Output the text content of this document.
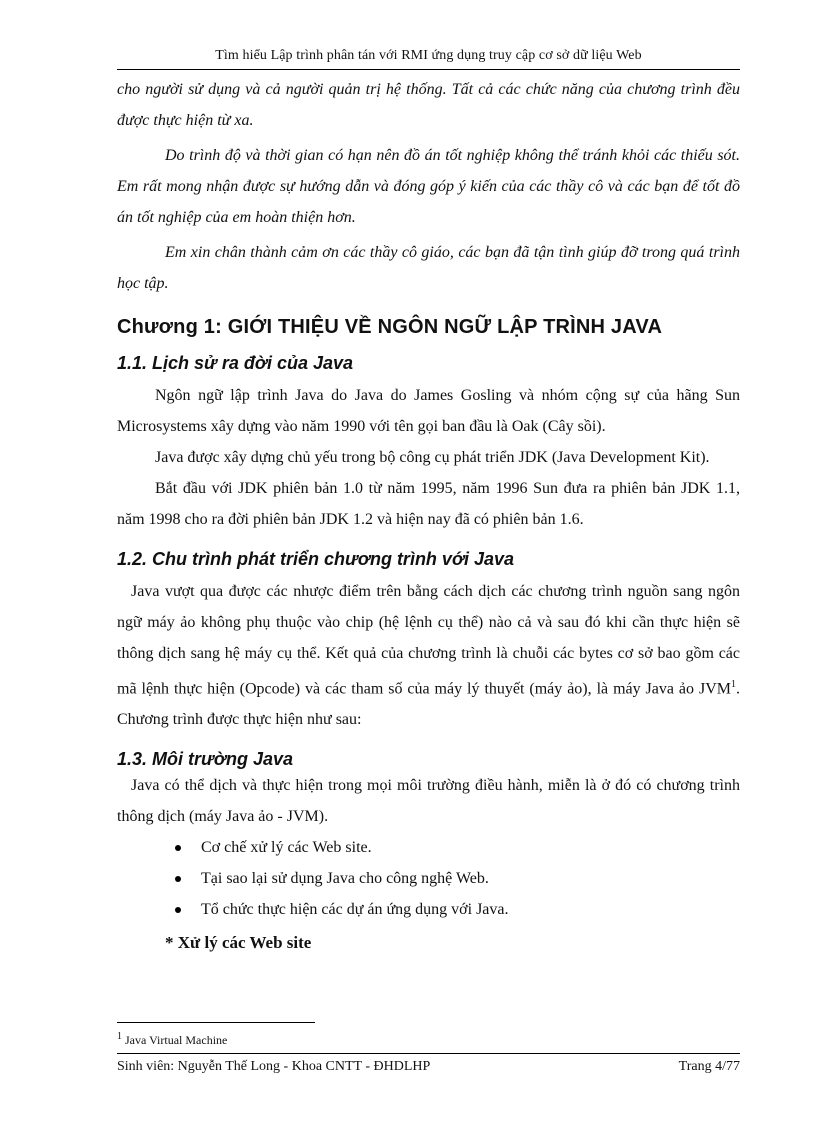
Tìm hiểu Lập trình phân tán với RMI ứng dụng truy cập cơ sở dữ liệu Web

cho người sử dụng và cả người quản trị hệ thống. Tất cả các chức năng của chương trình đều được thực hiện từ xa.

Do trình độ và thời gian có hạn nên đồ án tốt nghiệp không thể tránh khỏi các thiếu sót. Em rất mong nhận được sự hướng dẫn và đóng góp ý kiến của các thầy cô và các bạn để tốt đồ án tốt nghiệp của em hoàn thiện hơn.

Em xin chân thành cảm ơn các thầy cô giáo, các bạn đã tận tình giúp đỡ trong quá trình học tập.

Chương 1: GIỚI THIỆU VỀ NGÔN NGỮ LẬP TRÌNH JAVA
1.1. Lịch sử ra đời của Java

Ngôn ngữ lập trình Java do Java do James Gosling và nhóm cộng sự của hãng Sun Microsystems xây dựng vào năm 1990 với tên gọi ban đầu là Oak (Cây sồi).

Java được xây dựng chủ yếu trong bộ công cụ phát triển JDK (Java Development Kit).

Bắt đầu với JDK phiên bản 1.0 từ năm 1995, năm 1996 Sun đưa ra phiên bản JDK 1.1, năm 1998 cho ra đời phiên bản JDK 1.2 và hiện nay đã có phiên bản 1.6.

1.2. Chu trình phát triển chương trình với Java

Java vượt qua được các nhược điểm trên bằng cách dịch các chương trình nguồn sang ngôn ngữ máy ảo không phụ thuộc vào chip (hệ lệnh cụ thể) nào cả và sau đó khi cần thực hiện sẽ thông dịch sang hệ máy cụ thể. Kết quả của chương trình là chuỗi các bytes cơ sở bao gồm các mã lệnh thực hiện (Opcode) và các tham số của máy lý thuyết (máy ảo), là máy Java ảo JVM$^1$. Chương trình được thực hiện như sau:

1.3. Môi trường Java

Java có thể dịch và thực hiện trong mọi môi trường điều hành, miễn là ở đó có chương trình thông dịch (máy Java ảo - JVM).

Cơ chế xử lý các Web site.
Tại sao lại sử dụng Java cho công nghệ Web.
Tổ chức thực hiện các dự án ứng dụng với Java.
* Xử lý các Web site
$^1$ Java Virtual Machine
Sinh viên: Nguyễn Thế Long - Khoa CNTT - ĐHDLHP	Trang 4/77
